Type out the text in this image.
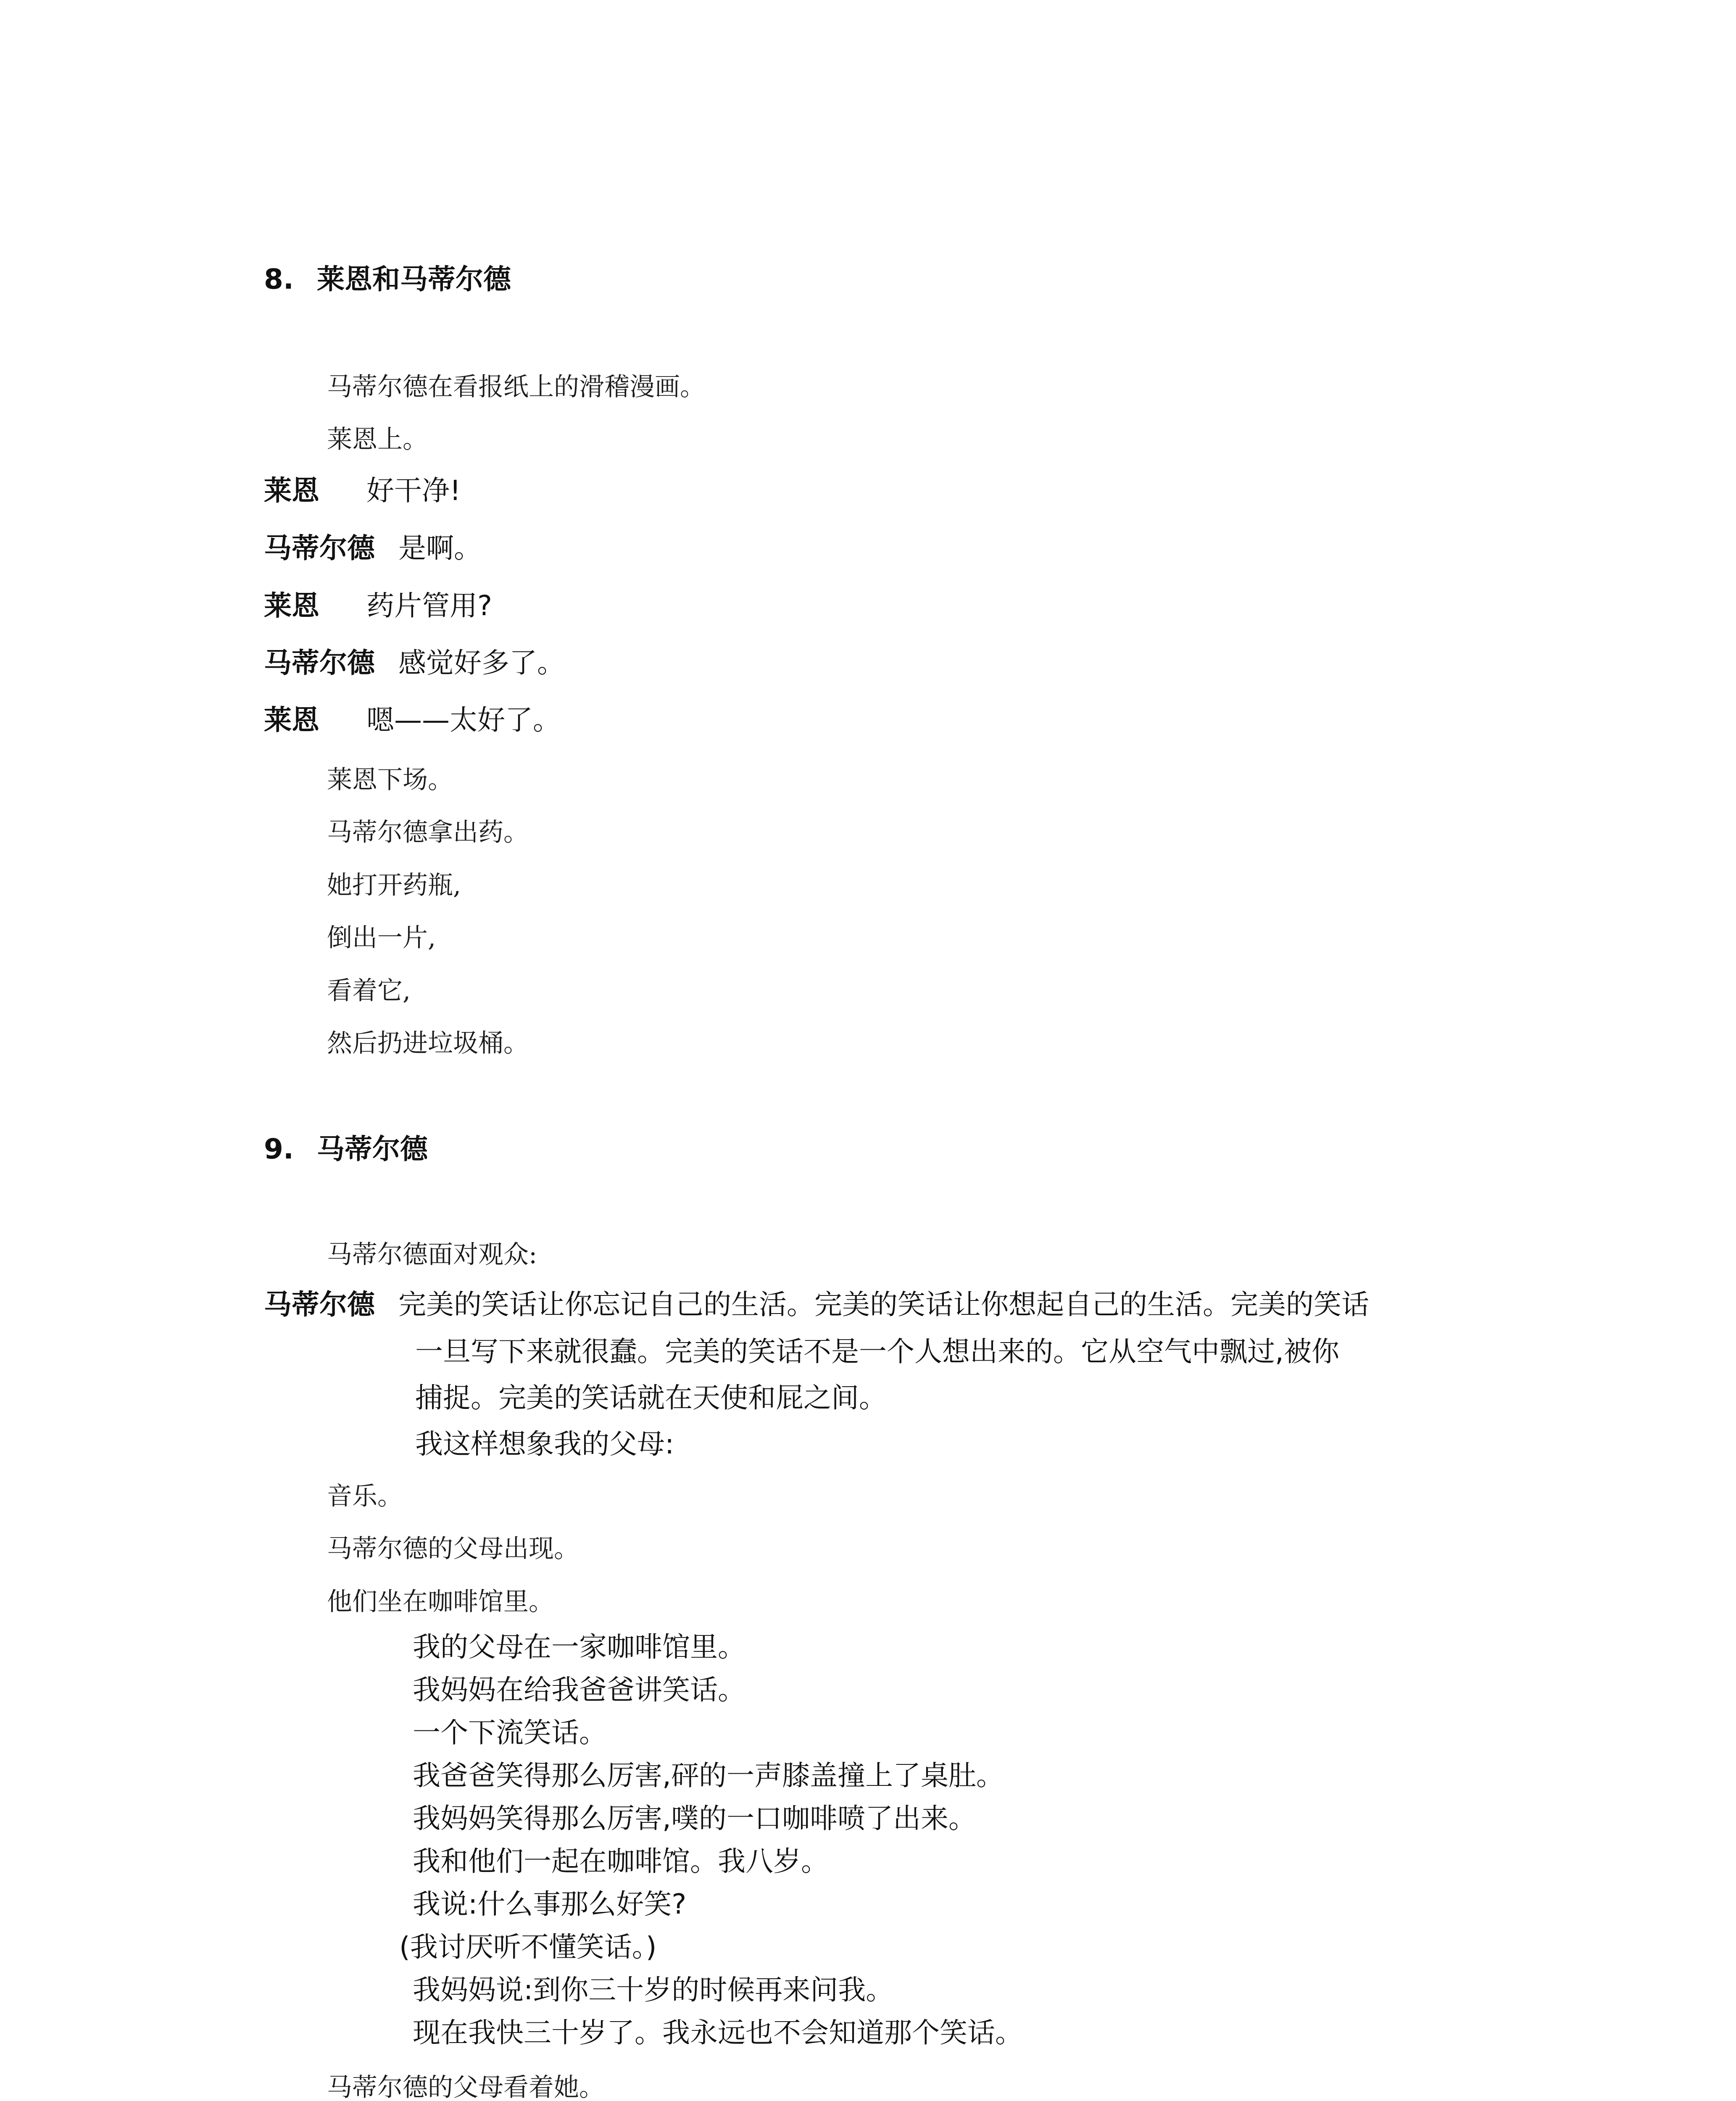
8. 莱恩和马蒂尔德
马蒂尔德在看报纸上的滑稽漫画。
莱恩上。
莱恩 好干净!
马蒂尔德 是啊。
莱恩 药片管用?
马蒂尔德 感觉好多了。
莱恩 嗯——太好了。
莱恩下场。
马蒂尔德拿出药。
她打开药瓶,
倒出一片,
看着它,
然后扔进垃圾桶。
9. 马蒂尔德
马蒂尔德面对观众:
马蒂尔德 完美的笑话让你忘记自己的生活。完美的笑话让你想起自己的生活。完美的笑话
一旦写下来就很蠢。完美的笑话不是一个人想出来的。它从空气中飘过,被你
捕捉。完美的笑话就在天使和屁之间。
我这样想象我的父母:
音乐。
马蒂尔德的父母出现。
他们坐在咖啡馆里。
我的父母在一家咖啡馆里。
我妈妈在给我爸爸讲笑话。
一个下流笑话。
我爸爸笑得那么厉害,砰的一声膝盖撞上了桌肚。
我妈妈笑得那么厉害,噗的一口咖啡喷了出来。
我和他们一起在咖啡馆。我八岁。
我说:什么事那么好笑?
(我讨厌听不懂笑话。)
我妈妈说:到你三十岁的时候再来问我。
现在我快三十岁了。我永远也不会知道那个笑话。
马蒂尔德的父母看着她。
